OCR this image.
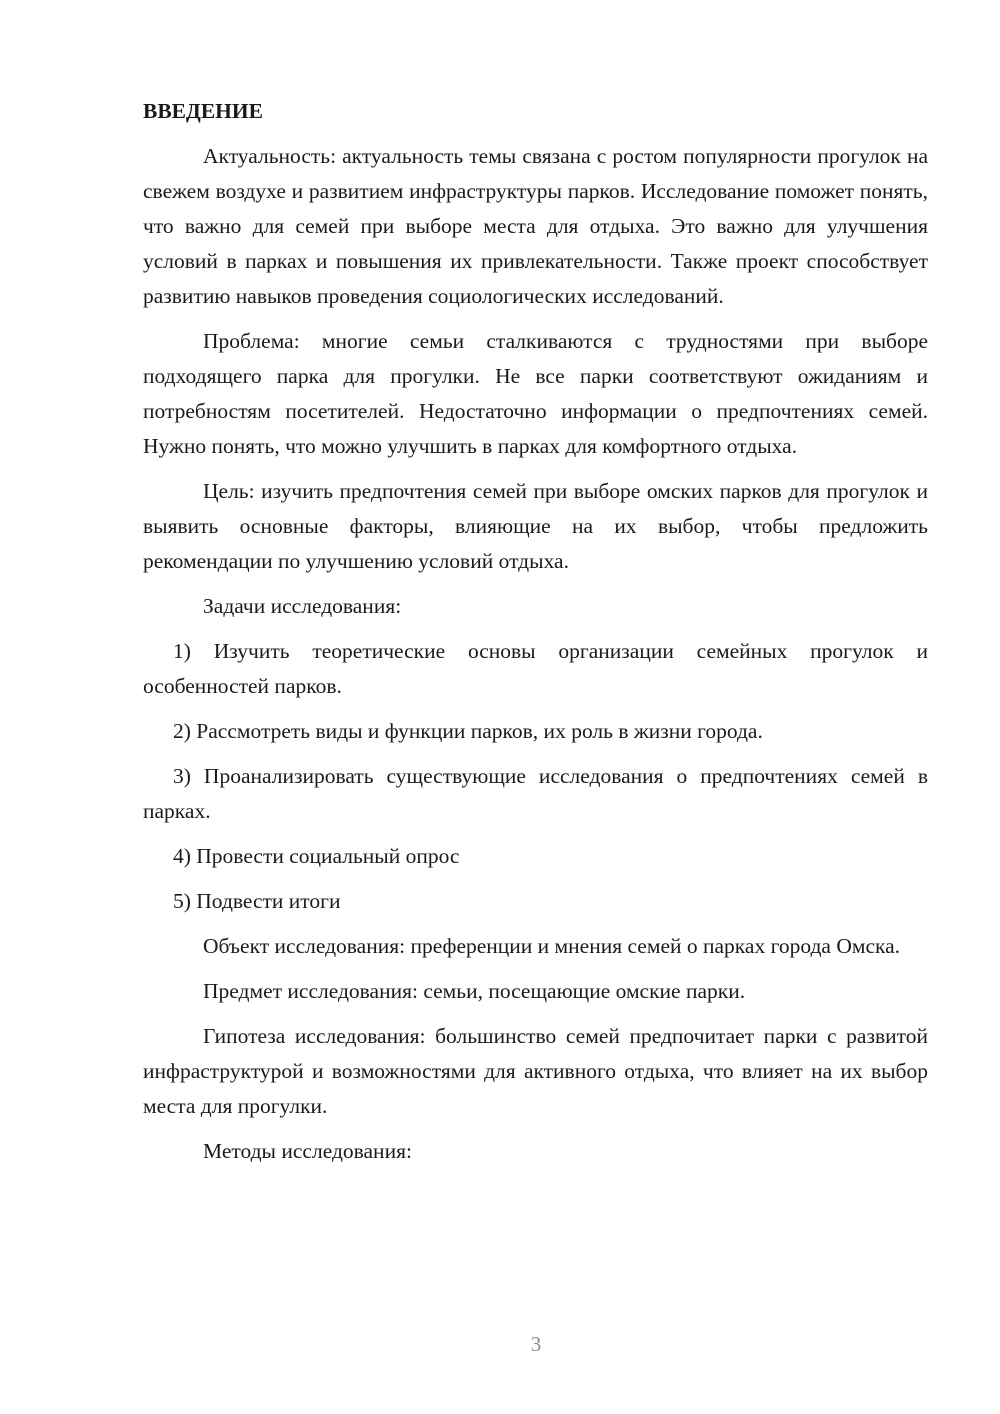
ВВЕДЕНИЕ

Актуальность: актуальность темы связана с ростом популярности прогулок на свежем воздухе и развитием инфраструктуры парков. Исследование поможет понять, что важно для семей при выборе места для отдыха. Это важно для улучшения условий в парках и повышения их привлекательности. Также проект способствует развитию навыков проведения социологических исследований.

Проблема: многие семьи сталкиваются с трудностями при выборе подходящего парка для прогулки. Не все парки соответствуют ожиданиям и потребностям посетителей. Недостаточно информации о предпочтениях семей. Нужно понять, что можно улучшить в парках для комфортного отдыха.

Цель: изучить предпочтения семей при выборе омских парков для прогулок и выявить основные факторы, влияющие на их выбор, чтобы предложить рекомендации по улучшению условий отдыха.

Задачи исследования:

1) Изучить теоретические основы организации семейных прогулок и особенностей парков.

2) Рассмотреть виды и функции парков, их роль в жизни города.

3) Проанализировать существующие исследования о предпочтениях семей в парках.

4) Провести социальный опрос

5) Подвести итоги

Объект исследования: преференции и мнения семей о парках города Омска.

Предмет исследования: семьи, посещающие омские парки.

Гипотеза исследования: большинство семей предпочитает парки с развитой инфраструктурой и возможностями для активного отдыха, что влияет на их выбор места для прогулки.

Методы исследования:

3
